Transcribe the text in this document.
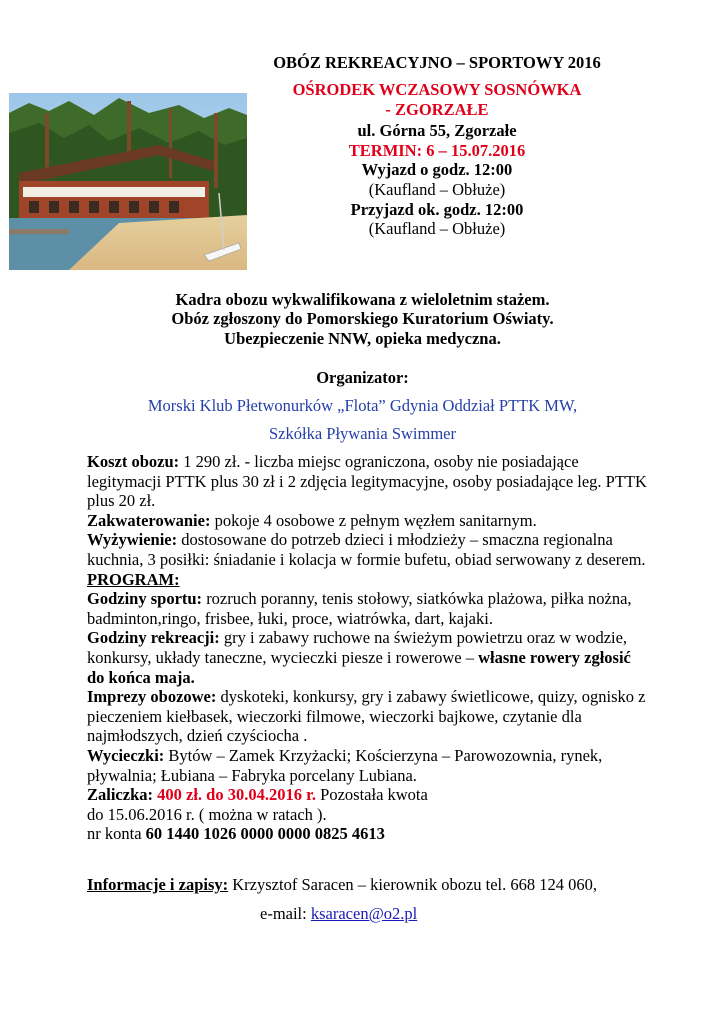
OBÓZ REKREACYJNO – SPORTOWY 2016
OŚRODEK WCZASOWY SOSNÓWKA
- ZGORZAŁE
ul. Górna 55, Zgorzałe
TERMIN: 6 – 15.07.2016
Wyjazd o godz. 12:00
(Kaufland – Obłuże)
Przyjazd ok. godz. 12:00
(Kaufland – Obłuże)
Kadra obozu wykwalifikowana z wieloletnim stażem.
Obóz zgłoszony do Pomorskiego Kuratorium Oświaty.
Ubezpieczenie NNW, opieka medyczna.
Organizator:
Morski Klub Płetwonurków „Flota” Gdynia Oddział PTTK MW,
Szkółka Pływania Swimmer

Koszt obozu: 1 290 zł. - liczba miejsc ograniczona, osoby nie posiadające legitymacji PTTK plus 30 zł i 2 zdjęcia legitymacyjne, osoby posiadające leg. PTTK plus 20 zł.

Zakwaterowanie: pokoje 4 osobowe z pełnym węzłem sanitarnym.

Wyżywienie: dostosowane do potrzeb dzieci i młodzieży – smaczna regionalna kuchnia, 3 posiłki: śniadanie i kolacja w formie bufetu, obiad serwowany z deserem.

PROGRAM:

Godziny sportu: rozruch poranny, tenis stołowy, siatkówka plażowa, piłka nożna, badminton,ringo, frisbee, łuki, proce, wiatrówka, dart, kajaki.

Godziny rekreacji: gry i zabawy ruchowe na świeżym powietrzu oraz w wodzie, konkursy, układy taneczne, wycieczki piesze i rowerowe – własne rowery zgłosić do końca maja.

Imprezy obozowe: dyskoteki, konkursy, gry i zabawy świetlicowe, quizy, ognisko z pieczeniem kiełbasek, wieczorki filmowe, wieczorki bajkowe, czytanie dla najmłodszych, dzień czyściocha .

Wycieczki: Bytów – Zamek Krzyżacki; Kościerzyna – Parowozownia, rynek, pływalnia; Łubiana – Fabryka porcelany Lubiana.

Zaliczka: 400 zł. do 30.04.2016 r. Pozostała kwota

do 15.06.2016 r. ( można w ratach ).

nr konta 60 1440 1026 0000 0000 0825 4613

Informacje i zapisy: Krzysztof Saracen – kierownik obozu tel. 668 124 060,
e-mail: ksaracen@o2.pl
